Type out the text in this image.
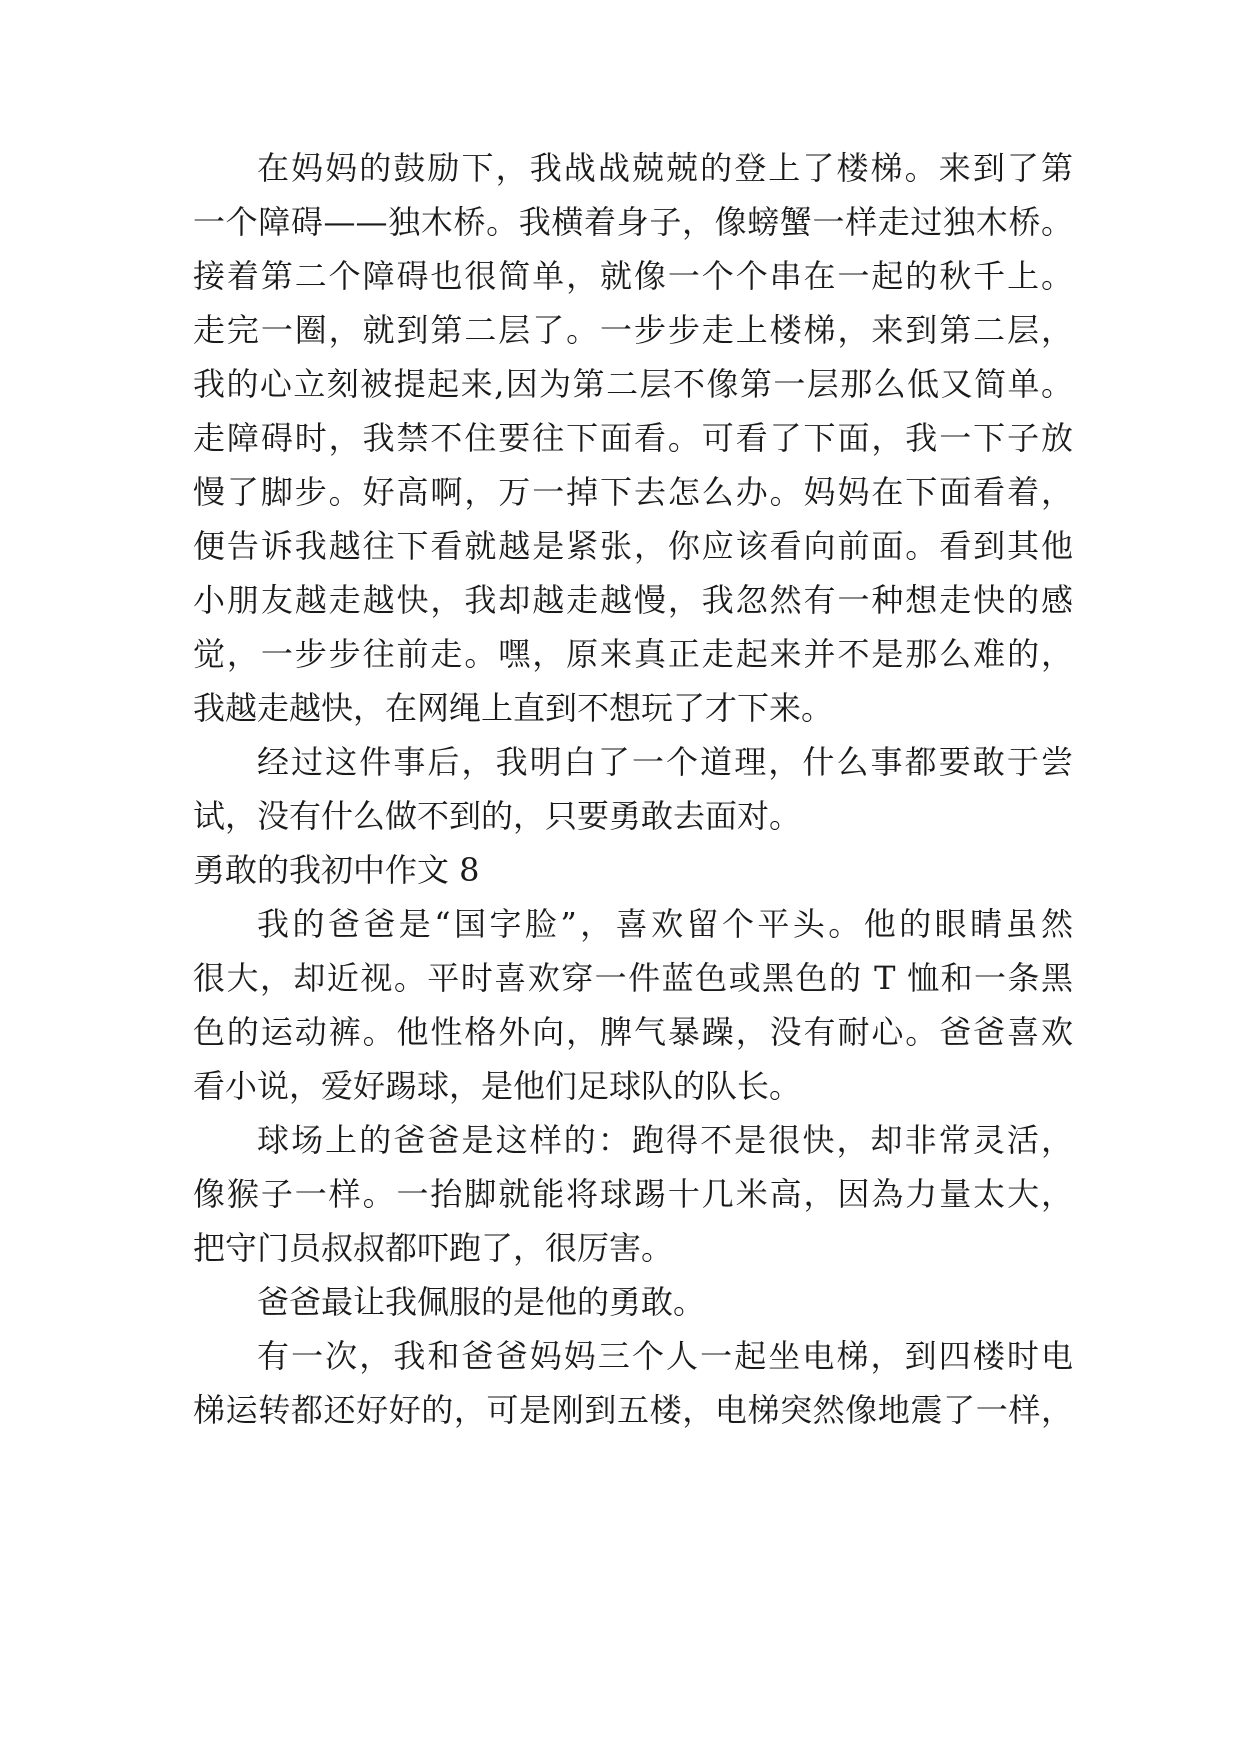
在妈妈的鼓励下，我战战兢兢的登上了楼梯。来到了第
一个障碍——独木桥。我横着身子，像螃蟹一样走过独木桥。
接着第二个障碍也很简单，就像一个个串在一起的秋千上。
走完一圈，就到第二层了。一步步走上楼梯，来到第二层，
我的心立刻被提起来,因为第二层不像第一层那么低又简单。
走障碍时，我禁不住要往下面看。可看了下面，我一下子放
慢了脚步。好高啊，万一掉下去怎么办。妈妈在下面看着，
便告诉我越往下看就越是紧张，你应该看向前面。看到其他
小朋友越走越快，我却越走越慢，我忽然有一种想走快的感
觉，一步步往前走。嘿，原来真正走起来并不是那么难的，
我越走越快，在网绳上直到不想玩了才下来。
经过这件事后，我明白了一个道理，什么事都要敢于尝
试，没有什么做不到的，只要勇敢去面对。
勇敢的我初中作文 8
我的爸爸是“国字脸”，喜欢留个平头。他的眼睛虽然
很大，却近视。平时喜欢穿一件蓝色或黑色的 T 恤和一条黑
色的运动裤。他性格外向，脾气暴躁，没有耐心。爸爸喜欢
看小说，爱好踢球，是他们足球队的队长。
球场上的爸爸是这样的：跑得不是很快，却非常灵活，
像猴子一样。一抬脚就能将球踢十几米高，因為力量太大，
把守门员叔叔都吓跑了，很厉害。
爸爸最让我佩服的是他的勇敢。
有一次，我和爸爸妈妈三个人一起坐电梯，到四楼时电
梯运转都还好好的，可是刚到五楼，电梯突然像地震了一样，
